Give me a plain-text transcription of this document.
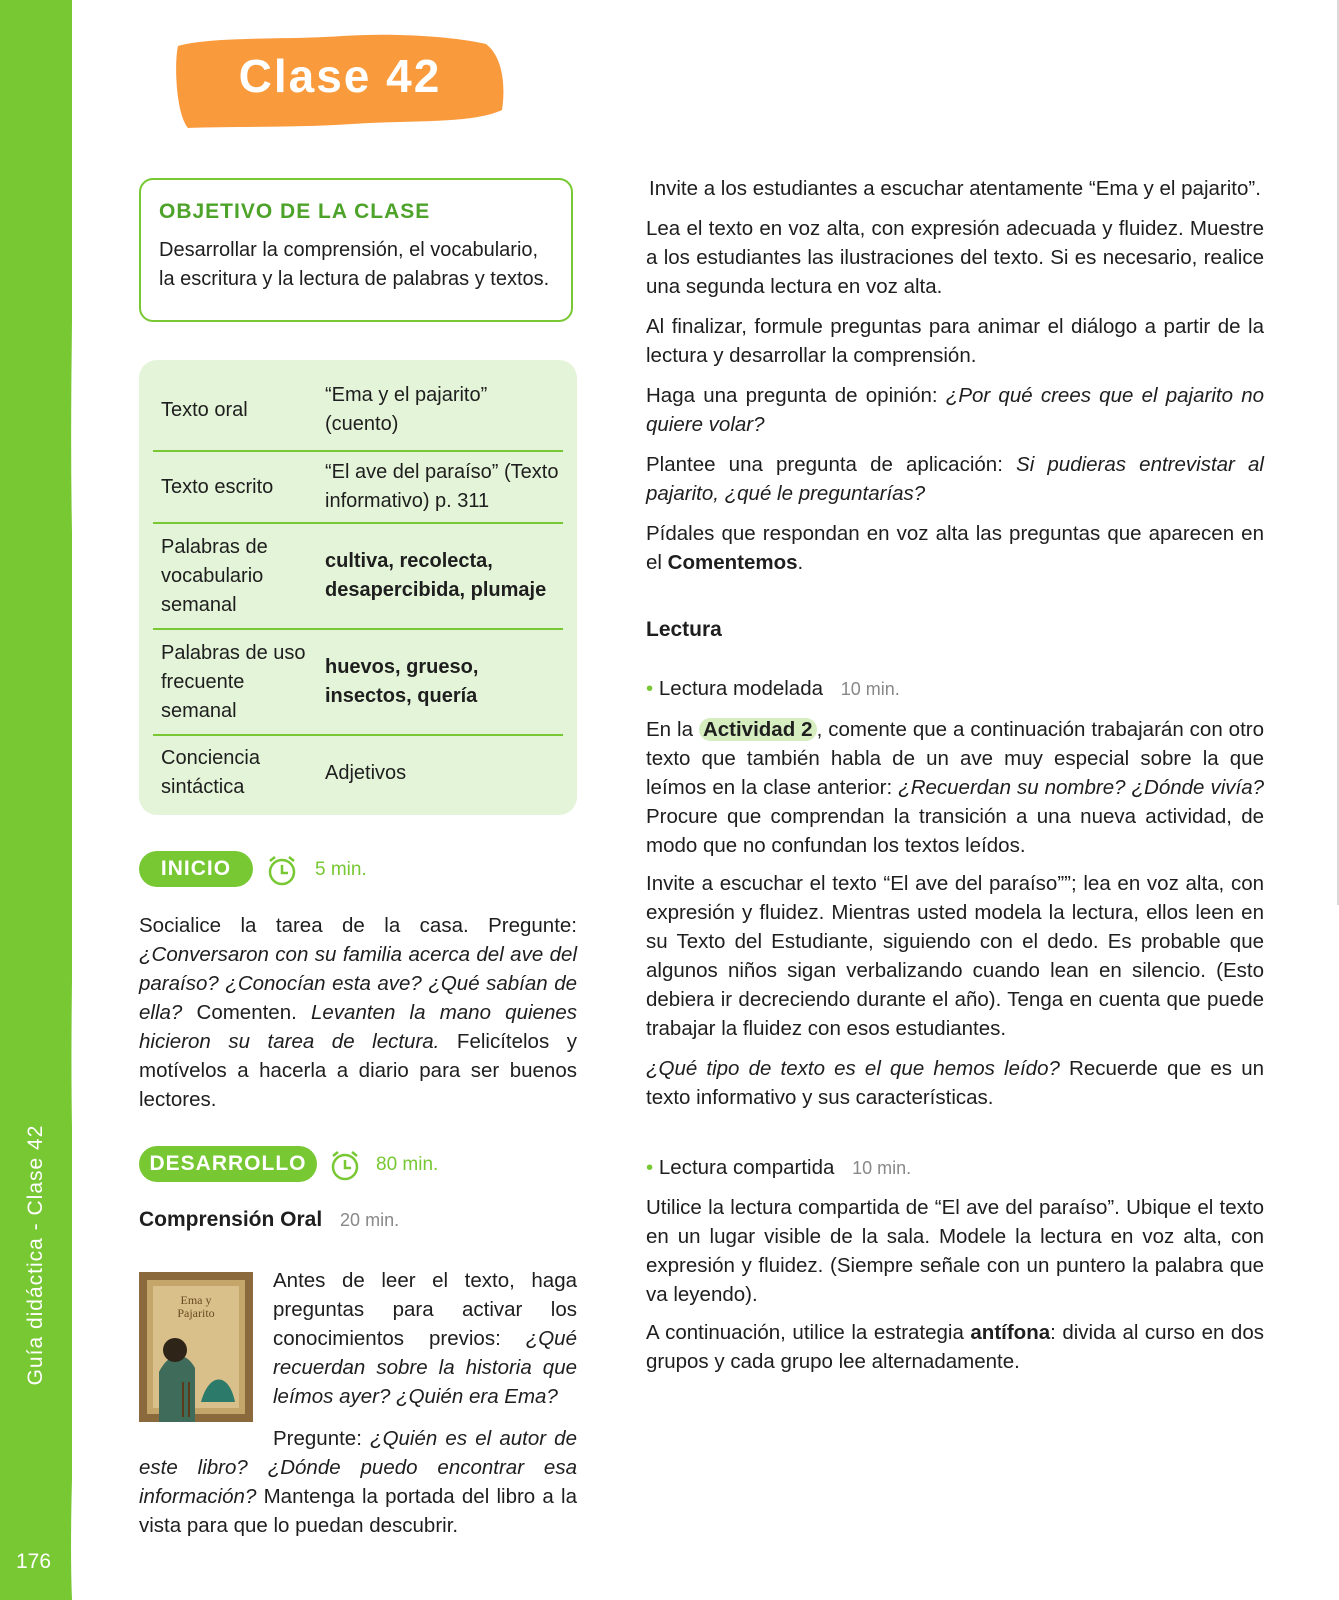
Guía didáctica - Clase 42
176
Clase 42
OBJETIVO DE LA CLASE
Desarrollar la comprensión, el vocabulario, la escritura y la lectura de palabras y textos.
Texto oral
“Ema y el pajarito” (cuento)
Texto escrito
“El ave del paraíso” (Texto informativo) p. 311
Palabras de vocabulario semanal
cultiva, recolecta, desapercibida, plumaje
Palabras de uso frecuente semanal
huevos, grueso, insectos, quería
Conciencia sintáctica
Adjetivos
INICIO	5 min.
Socialice la tarea de la casa. Pregunte: ¿Conversaron con su familia acerca del ave del paraíso? ¿Conocían esta ave? ¿Qué sabían de ella? Comenten. Levanten la mano quienes hicieron su tarea de lectura. Felicítelos y motívelos a hacerla a diario para ser buenos lectores.
DESARROLLO	80 min.
Comprensión Oral 20 min.
Ema y Pajarito
Antes de leer el texto, haga preguntas para activar los conocimientos previos: ¿Qué recuerdan sobre la historia que leímos ayer? ¿Quién era Ema?
Pregunte: ¿Quién es el autor de este libro? ¿Dónde puedo encontrar esa información? Mantenga la portada del libro a la vista para que lo puedan descubrir.
Invite a los estudiantes a escuchar atentamente “Ema y el pajarito”.
Lea el texto en voz alta, con expresión adecuada y fluidez. Muestre a los estudiantes las ilustraciones del texto. Si es necesario, realice una segunda lectura en voz alta.
Al finalizar, formule preguntas para animar el diálogo a partir de la lectura y desarrollar la comprensión.
Haga una pregunta de opinión: ¿Por qué crees que el pajarito no quiere volar?
Plantee una pregunta de aplicación: Si pudieras entrevistar al pajarito, ¿qué le preguntarías?
Pídales que respondan en voz alta las preguntas que aparecen en el Comentemos.
Lectura
• Lectura modelada 10 min.
En la Actividad 2 , comente que a continuación trabajarán con otro texto que también habla de un ave muy especial sobre la que leímos en la clase anterior: ¿Recuerdan su nombre? ¿Dónde vivía? Procure que comprendan la transición a una nueva actividad, de modo que no confundan los textos leídos.
Invite a escuchar el texto “El ave del paraíso””; lea en voz alta, con expresión y fluidez. Mientras usted modela la lectura, ellos leen en su Texto del Estudiante, siguiendo con el dedo. Es probable que algunos niños sigan verbalizando cuando lean en silencio. (Esto debiera ir decreciendo durante el año). Tenga en cuenta que puede trabajar la fluidez con esos estudiantes.
¿Qué tipo de texto es el que hemos leído? Recuerde que es un texto informativo y sus características.
• Lectura compartida 10 min.
Utilice la lectura compartida de “El ave del paraíso”. Ubique el texto en un lugar visible de la sala. Modele la lectura en voz alta, con expresión y fluidez. (Siempre señale con un puntero la palabra que va leyendo).
A continuación, utilice la estrategia antífona: divida al curso en dos grupos y cada grupo lee alternadamente.
